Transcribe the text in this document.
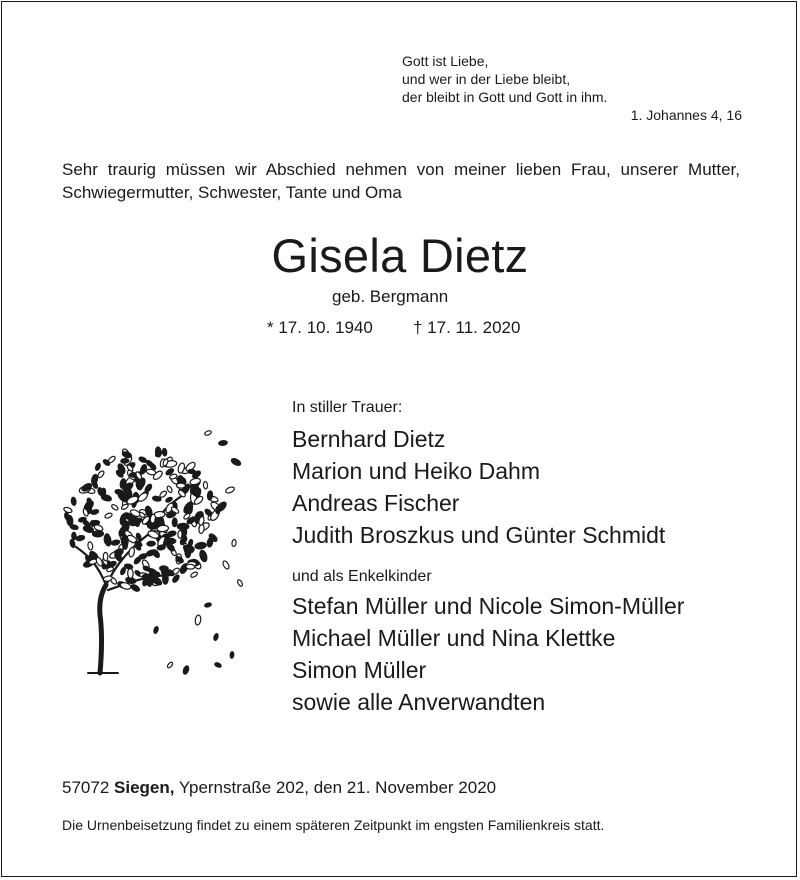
Gott ist Liebe,
und wer in der Liebe bleibt,
der bleibt in Gott und Gott in ihm.
1. Johannes 4, 16
Sehr traurig müssen wir Abschied nehmen von meiner lieben Frau, unserer Mutter, Schwiegermutter, Schwester, Tante und Oma
Gisela Dietz
geb. Bergmann
* 17. 10. 1940 † 17. 11. 2020
In stiller Trauer:
Bernhard Dietz
Marion und Heiko Dahm
Andreas Fischer
Judith Broszkus und Günter Schmidt
und als Enkelkinder
Stefan Müller und Nicole Simon-Müller
Michael Müller und Nina Klettke
Simon Müller
sowie alle Anverwandten
57072 Siegen, Ypernstraße 202, den 21. November 2020
Die Urnenbeisetzung findet zu einem späteren Zeitpunkt im engsten Familienkreis statt.
